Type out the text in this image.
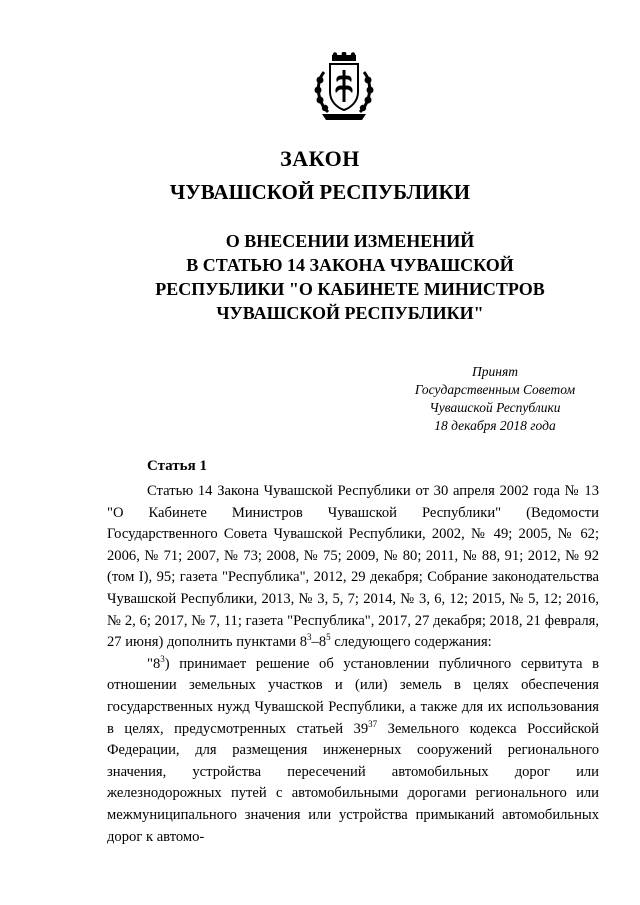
ЗАКОН
ЧУВАШСКОЙ РЕСПУБЛИКИ
О ВНЕСЕНИИ ИЗМЕНЕНИЙ
В СТАТЬЮ 14 ЗАКОНА ЧУВАШСКОЙ
РЕСПУБЛИКИ "О КАБИНЕТЕ МИНИСТРОВ
ЧУВАШСКОЙ РЕСПУБЛИКИ"
Принят
Государственным Советом
Чувашской Республики
18 декабря 2018 года
Статья 1

Статью 14 Закона Чувашской Республики от 30 апреля 2002 года № 13 "О Кабинете Министров Чувашской Республики" (Ведомости Государственного Совета Чувашской Республики, 2002, № 49; 2005, № 62; 2006, № 71; 2007, № 73; 2008, № 75; 2009, № 80; 2011, № 88, 91; 2012, № 92 (том I), 95; газета "Республика", 2012, 29 декабря; Собрание законодательства Чувашской Республики, 2013, № 3, 5, 7; 2014, № 3, 6, 12; 2015, № 5, 12; 2016, № 2, 6; 2017, № 7, 11; газета "Республика", 2017, 27 декабря; 2018, 21 февраля, 27 июня) дополнить пунктами $8^3-8^5$ следующего содержания:

"$8^3$) принимает решение об установлении публичного сервитута в отношении земельных участков и (или) земель в целях обеспечения государственных нужд Чувашской Республики, а также для их использования в целях, предусмотренных статьей $39^{37}$ Земельного кодекса Российской Федерации, для размещения инженерных сооружений регионального значения, устройства пересечений автомобильных дорог или железнодорожных путей с автомобильными дорогами регионального или межмуниципального значения или устройства примыканий автомобильных дорог к автомо-
